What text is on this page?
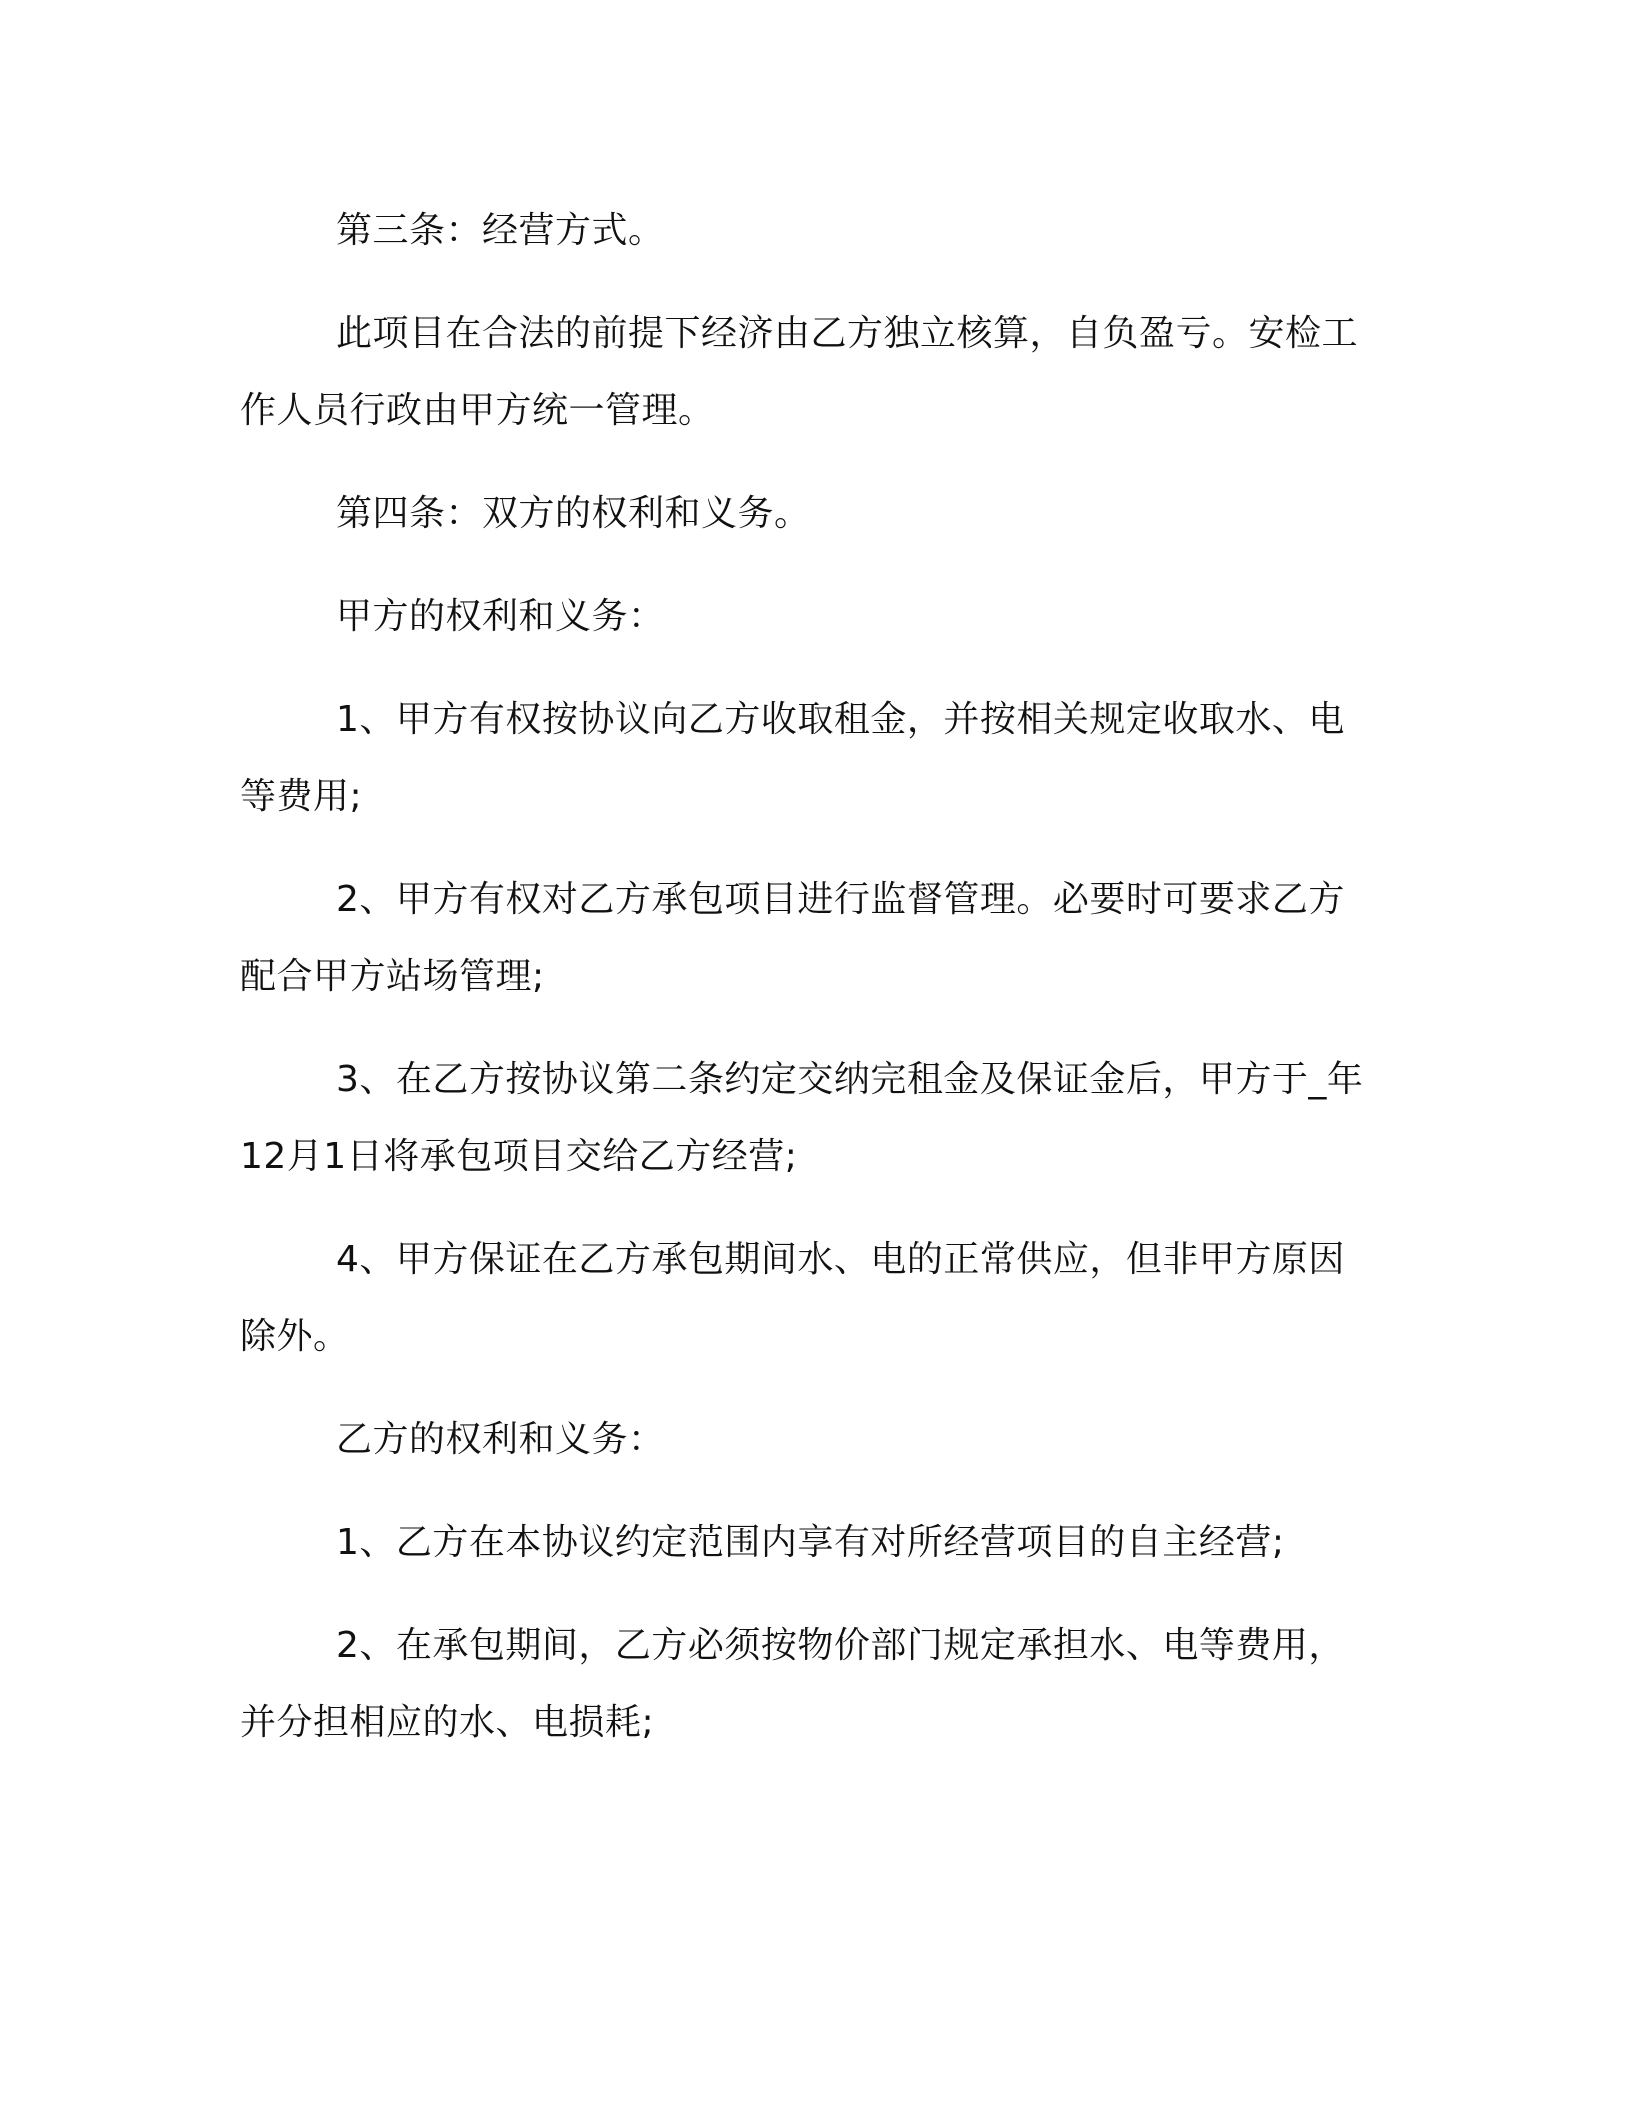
第三条：经营方式。

此项目在合法的前提下经济由乙方独立核算，自负盈亏。安检工作人员行政由甲方统一管理。

第四条：双方的权利和义务。

甲方的权利和义务：

1、甲方有权按协议向乙方收取租金，并按相关规定收取水、电等费用;

2、甲方有权对乙方承包项目进行监督管理。必要时可要求乙方配合甲方站场管理;

3、在乙方按协议第二条约定交纳完租金及保证金后，甲方于_年12月1日将承包项目交给乙方经营;

4、甲方保证在乙方承包期间水、电的正常供应，但非甲方原因除外。

乙方的权利和义务：

1、乙方在本协议约定范围内享有对所经营项目的自主经营;

2、在承包期间，乙方必须按物价部门规定承担水、电等费用，并分担相应的水、电损耗;
